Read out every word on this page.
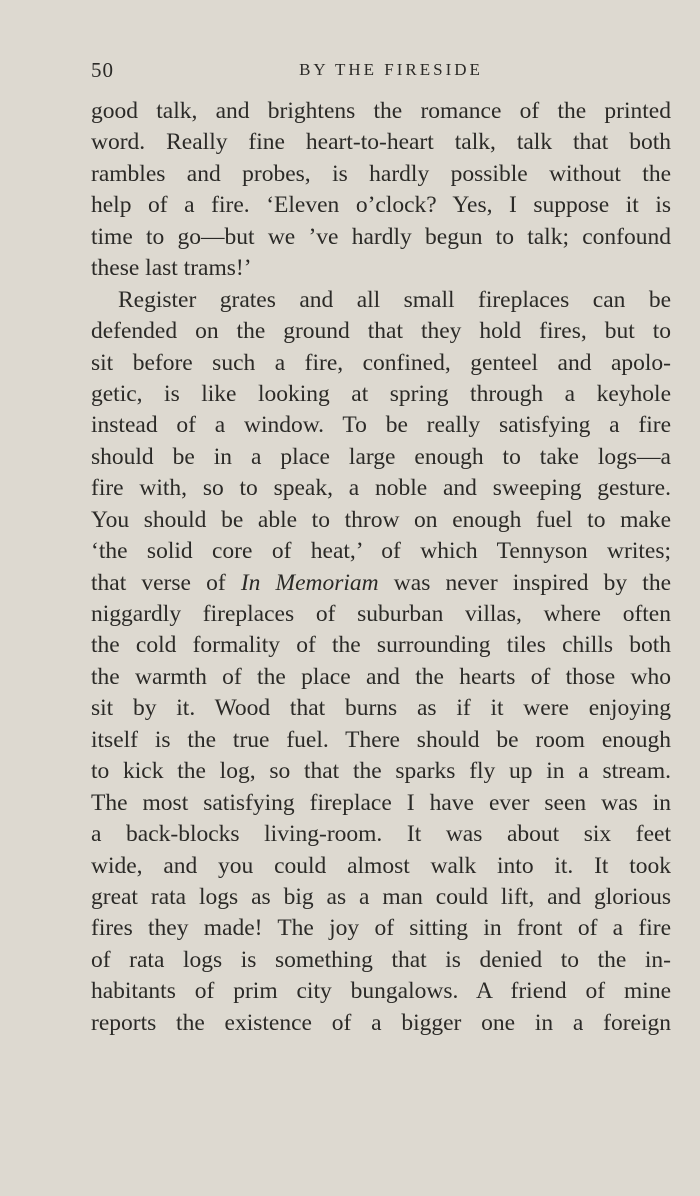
50	BY THE FIRESIDE
good talk, and brightens the romance of the printed
word. Really fine heart-to-heart talk, talk that both
rambles and probes, is hardly possible without the
help of a fire. ‘Eleven o’clock? Yes, I suppose it is
time to go—but we ’ve hardly begun to talk; confound
these last trams!’
Register grates and all small fireplaces can be
defended on the ground that they hold fires, but to
sit before such a fire, confined, genteel and apolo-
getic, is like looking at spring through a keyhole
instead of a window. To be really satisfying a fire
should be in a place large enough to take logs—a
fire with, so to speak, a noble and sweeping gesture.
You should be able to throw on enough fuel to make
‘the solid core of heat,’ of which Tennyson writes;
that verse of In Memoriam was never inspired by the
niggardly fireplaces of suburban villas, where often
the cold formality of the surrounding tiles chills both
the warmth of the place and the hearts of those who
sit by it. Wood that burns as if it were enjoying
itself is the true fuel. There should be room enough
to kick the log, so that the sparks fly up in a stream.
The most satisfying fireplace I have ever seen was in
a back-blocks living-room. It was about six feet
wide, and you could almost walk into it. It took
great rata logs as big as a man could lift, and glorious
fires they made! The joy of sitting in front of a fire
of rata logs is something that is denied to the in-
habitants of prim city bungalows. A friend of mine
reports the existence of a bigger one in a foreign
